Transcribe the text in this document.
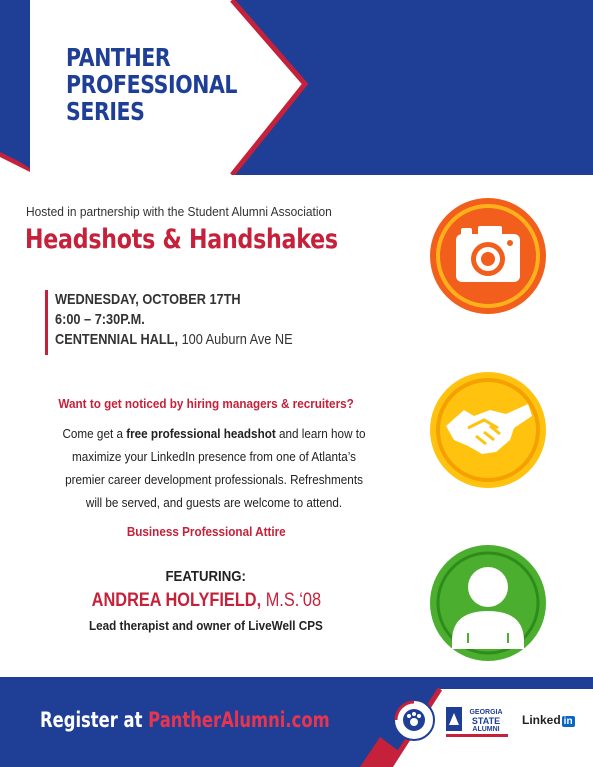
PANTHER
PROFESSIONAL
SERIES
Hosted in partnership with the Student Alumni Association
Headshots & Handshakes
WEDNESDAY, OCTOBER 17TH
6:00 – 7:30P.M.
CENTENNIAL HALL, 100 Auburn Ave NE
Want to get noticed by hiring managers & recruiters?

Come get a free professional headshot and learn how to maximize your LinkedIn presence from one of Atlanta’s premier career development professionals. Refreshments will be served, and guests are welcome to attend.

Business Professional Attire
FEATURING:
ANDREA HOLYFIELD, M.S.‘08
Lead therapist and owner of LiveWell CPS
Register at PantherAlumni.com	GEORGIA
STATE
ALUMNI
Linked in
